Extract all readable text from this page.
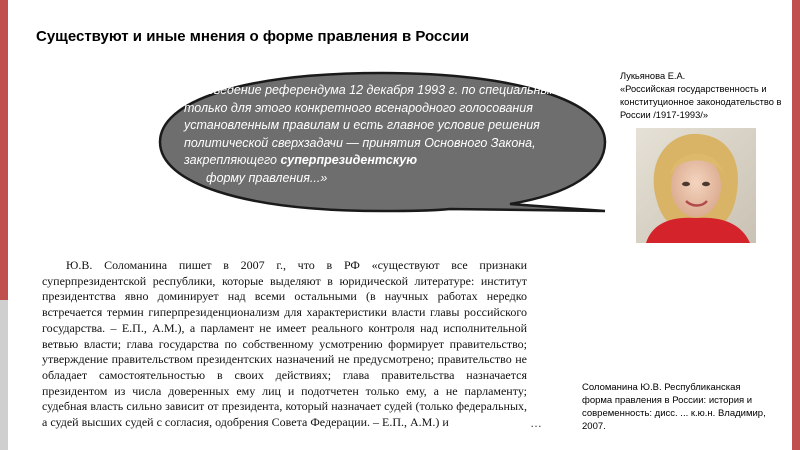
Существуют и иные мнения о форме правления в России
«Проведение референдума 12 декабря 1993 г. по специальным, только для этого конкретного всенародного голосования установленным правилам и есть главное условие решения политической сверхзадачи — принятия Основного Закона, закрепляющего суперпрезидентскую
форму правления...»
Лукьянова Е.А.
«Российская государственность и конституционное законодательство в России /1917-1993/»

Ю.В. Соломанина пишет в 2007 г., что в РФ «существуют все признаки суперпрезидентской республики, которые выделяют в юридической литературе: институт президентства явно доминирует над всеми остальными (в научных работах нередко встречается термин гиперпрезиденционализм для характеристики власти главы российского государства. – Е.П., А.М.), а парламент не имеет реального контроля над исполнительной ветвью власти; глава государства по собственному усмотрению формирует правительство; утверждение правительством президентских назначений не предусмотрено; правительство не обладает самостоятельностью в своих действиях; глава правительства назначается президентом из числа доверенных ему лиц и подотчетен только ему, а не парламенту; судебная власть сильно зависит от президента, который назначает судей (только федеральных, а судей высших судей с согласия, одобрения Совета Федерации. – Е.П., А.М.) и	…
Соломанина Ю.В. Республиканская форма правления в России: история и современность: дисс. ... к.ю.н. Владимир, 2007.
